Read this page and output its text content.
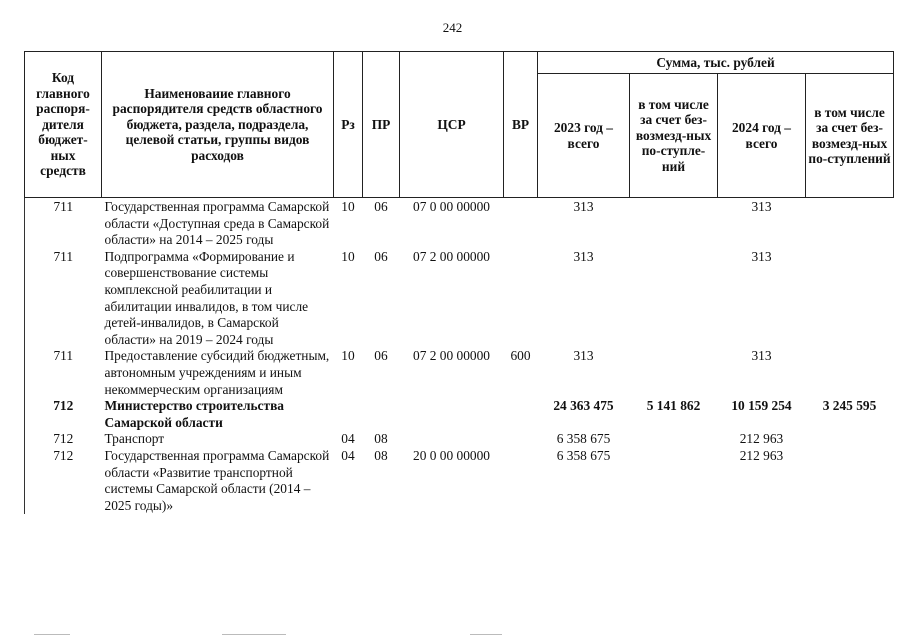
242
Код главного распоря-дителя бюджет-ных средств	Наименоваиие главного распорядителя средств областного бюджета, раздела, подраздела, целевой статьи, группы видов расходов	Рз	ПР	ЦСР	ВР	Сумма, тыс. рублей			
						2023 год – всего	в том числе за счет без-возмезд-ных по-ступле-ний	2024 год – всего	в том числе за счет без-возмезд-ных по-ступлений
711	Государственная программа Самарской области «Доступная среда в Самарской области» на 2014 – 2025 годы	10	06	07 0 00 00000		313		313	
711	Подпрограмма «Формирование и совершенствование системы комплексной реабилитации и абилитации инвалидов, в том числе детей-инвалидов, в Самарской области» на 2019 – 2024 годы	10	06	07 2 00 00000		313		313	
711	Предоставление субсидий бюджетным, автономным учреждениям и иным некоммерческим организациям	10	06	07 2 00 00000	600	313		313	
712	Министерство строительства Самарской области					24 363 475	5 141 862	10 159 254	3 245 595
712	Транспорт	04	08			6 358 675		212 963	
712	Государственная программа Самарской области «Развитие транспортной системы Самарской области (2014 – 2025 годы)»	04	08	20 0 00 00000		6 358 675		212 963	
